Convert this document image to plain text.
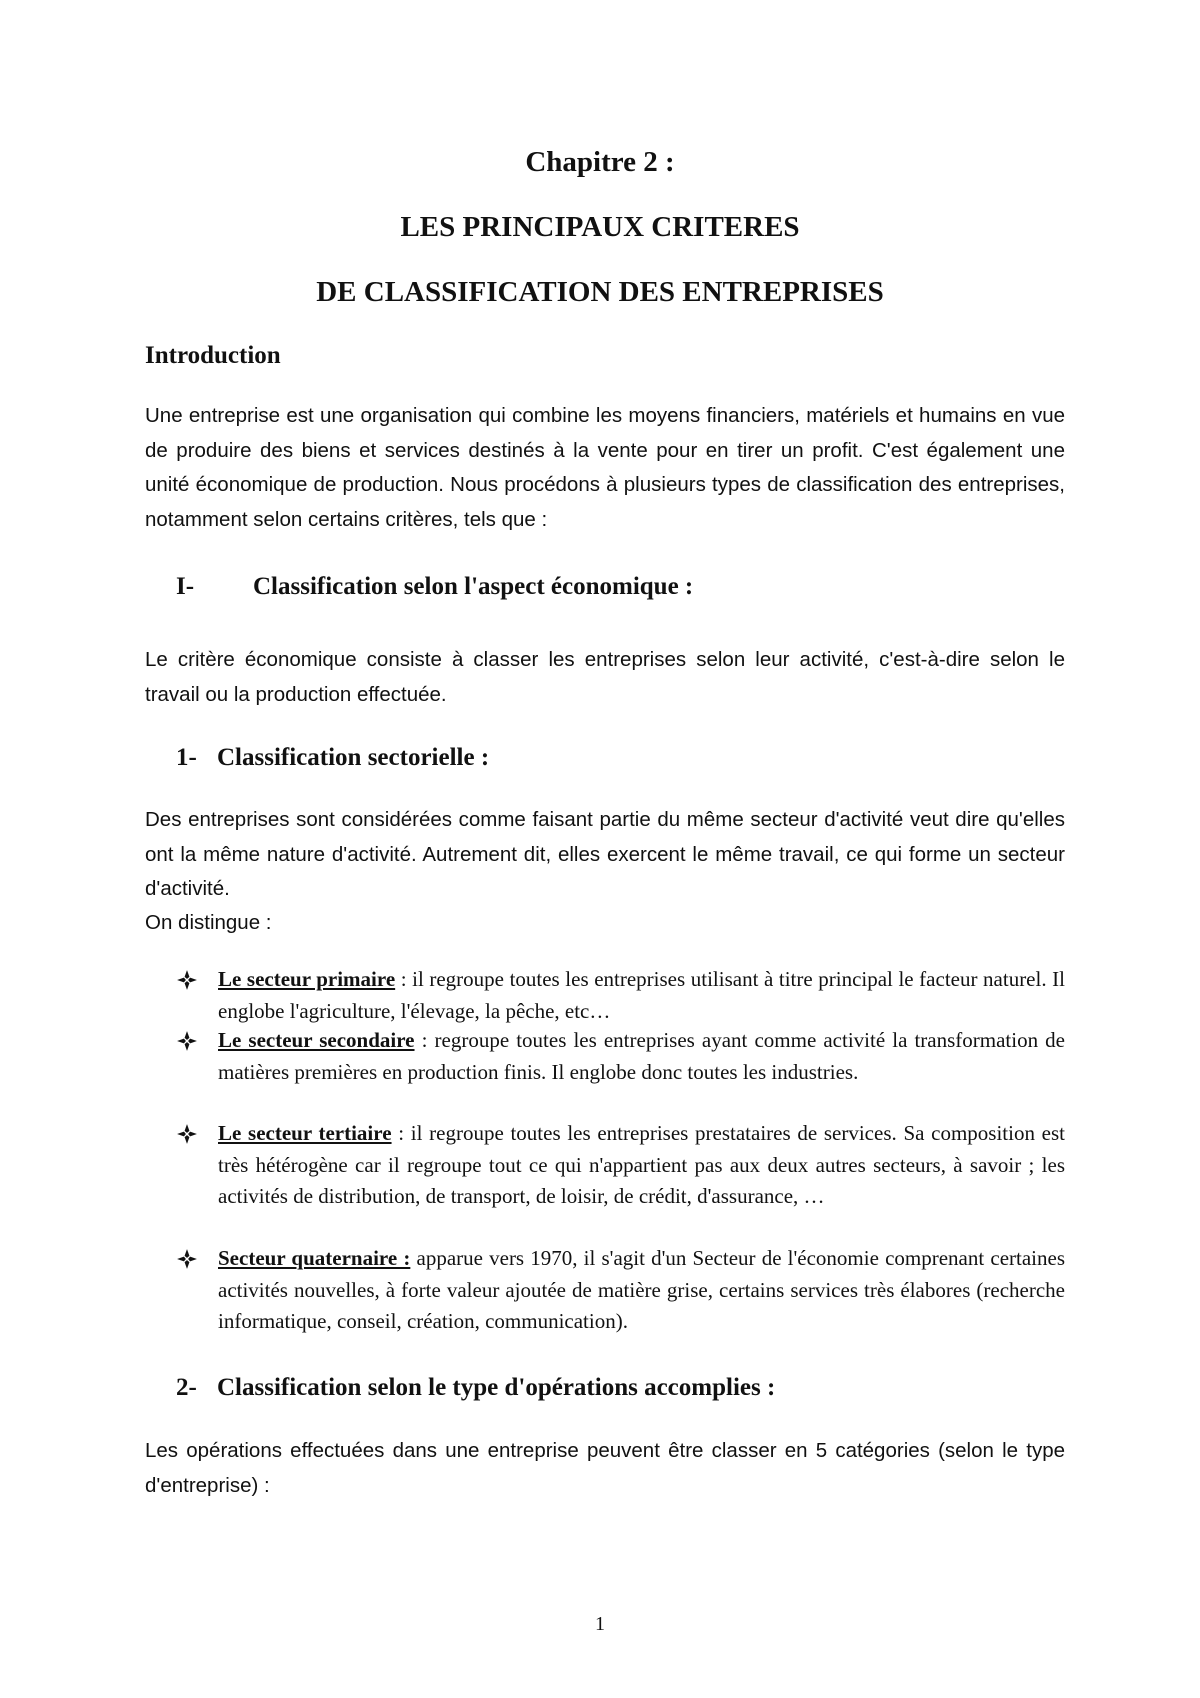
Chapitre 2 :
LES PRINCIPAUX CRITERES
DE CLASSIFICATION DES ENTREPRISES
Introduction

Une entreprise est une organisation qui combine les moyens financiers, matériels et humains en vue de produire des biens et services destinés à la vente pour en tirer un profit. C'est également une unité économique de production. Nous procédons à plusieurs types de classification des entreprises, notamment selon certains critères, tels que :

I- Classification selon l'aspect économique :

Le critère économique consiste à classer les entreprises selon leur activité, c'est-à-dire selon le travail ou la production effectuée.

1- Classification sectorielle :

Des entreprises sont considérées comme faisant partie du même secteur d'activité veut dire qu'elles ont la même nature d'activité. Autrement dit, elles exercent le même travail, ce qui forme un secteur d'activité.

On distingue :

Le secteur primaire : il regroupe toutes les entreprises utilisant à titre principal le facteur naturel. Il englobe l'agriculture, l'élevage, la pêche, etc…

Le secteur secondaire : regroupe toutes les entreprises ayant comme activité la transformation de matières premières en production finis. Il englobe donc toutes les industries.

Le secteur tertiaire : il regroupe toutes les entreprises prestataires de services. Sa composition est très hétérogène car il regroupe tout ce qui n'appartient pas aux deux autres secteurs, à savoir ; les activités de distribution, de transport, de loisir, de crédit, d'assurance, …

Secteur quaternaire : apparue vers 1970, il s'agit d'un Secteur de l'économie comprenant certaines activités nouvelles, à forte valeur ajoutée de matière grise, certains services très élabores (recherche informatique, conseil, création, communication).

2- Classification selon le type d'opérations accomplies :

Les opérations effectuées dans une entreprise peuvent être classer en 5 catégories (selon le type d'entreprise) :

1
